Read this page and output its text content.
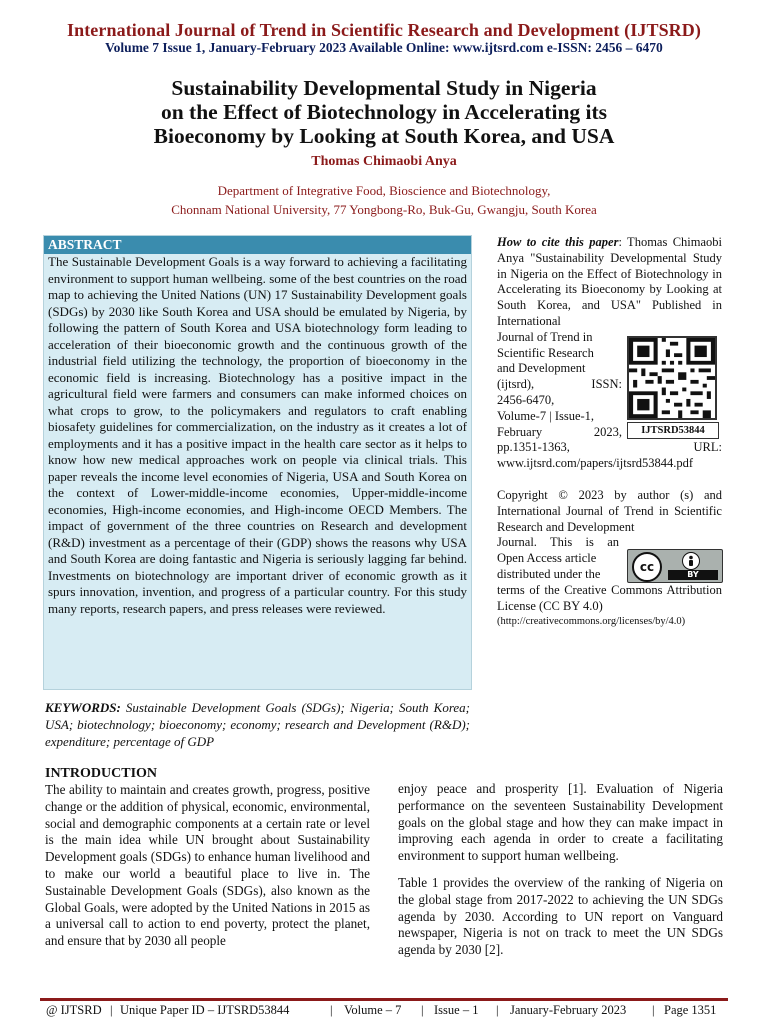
International Journal of Trend in Scientific Research and Development (IJTSRD)
Volume 7 Issue 1, January-February 2023 Available Online: www.ijtsrd.com e-ISSN: 2456 – 6470
Sustainability Developmental Study in Nigeria
on the Effect of Biotechnology in Accelerating its
Bioeconomy by Looking at South Korea, and USA
Thomas Chimaobi Anya
Department of Integrative Food, Bioscience and Biotechnology,
Chonnam National University, 77 Yongbong-Ro, Buk-Gu, Gwangju, South Korea
ABSTRACT
The Sustainable Development Goals is a way forward to achieving a facilitating environment to support human wellbeing. some of the best countries on the road map to achieving the United Nations (UN) 17 Sustainability Development goals (SDGs) by 2030 like South Korea and USA should be emulated by Nigeria, by following the pattern of South Korea and USA biotechnology form leading to acceleration of their bioeconomic growth and the continuous growth of the industrial field utilizing the technology, the proportion of bioeconomy in the economic field is increasing. Biotechnology has a positive impact in the agricultural field were farmers and consumers can make informed choices on what crops to grow, to the policymakers and regulators to craft enabling biosafety guidelines for commercialization, on the industry as it creates a lot of employments and it has a positive impact in the health care sector as it helps to know how new medical approaches work on people via clinical trials. This paper reveals the income level economies of Nigeria, USA and South Korea on the context of Lower-middle-income economies, Upper-middle-income economies, High-income economies, and High-income OECD Members. The impact of government of the three countries on Research and development (R&D) investment as a percentage of their (GDP) shows the reasons why USA and South Korea are doing fantastic and Nigeria is seriously lagging far behind. Investments on biotechnology are important driver of economic growth as it spurs innovation, invention, and progress of a particular country. For this study many reports, research papers, and press releases were reviewed.
KEYWORDS: Sustainable Development Goals (SDGs); Nigeria; South Korea; USA; biotechnology; bioeconomy; economy; research and Development (R&D); expenditure; percentage of GDP
How to cite this paper: Thomas Chimaobi Anya "Sustainability Developmental Study in Nigeria on the Effect of Biotechnology in Accelerating its Bioeconomy by Looking at South Korea, and USA" Published in International
Journal of Trend in
Scientific Research
and Development
(ijtsrd), ISSN:
2456-6470,
Volume-7 | Issue-1,
February 2023,
pp.1351-1363, URL:
www.ijtsrd.com/papers/ijtsrd53844.pdf
Copyright © 2023 by author (s) and International Journal of Trend in Scientific Research and Development
Journal. This is an
Open Access article
distributed under the
terms of the Creative Commons Attribution License (CC BY 4.0)
(http://creativecommons.org/licenses/by/4.0)
IJTSRD53844
cc
BY
INTRODUCTION

The ability to maintain and creates growth, progress, positive change or the addition of physical, economic, environmental, social and demographic components at a certain rate or level is the main idea while UN brought about Sustainability Development goals (SDGs) to enhance human livelihood and to make our world a beautiful place to live in. The Sustainable Development Goals (SDGs), also known as the Global Goals, were adopted by the United Nations in 2015 as a universal call to action to end poverty, protect the planet, and ensure that by 2030 all people

enjoy peace and prosperity [1]. Evaluation of Nigeria performance on the seventeen Sustainability Development goals on the global stage and how they can make impact in improving each agenda in order to create a facilitating environment to support human wellbeing.

Table 1 provides the overview of the ranking of Nigeria on the global stage from 2017-2022 to achieving the UN SDGs agenda by 2030. According to UN report on Vanguard newspaper, Nigeria is not on track to meet the UN SDGs agenda by 2030 [2].

@ IJTSRD | Unique Paper ID – IJTSRD53844	| Volume – 7 | Issue – 1 | January-February 2023 | Page 1351
